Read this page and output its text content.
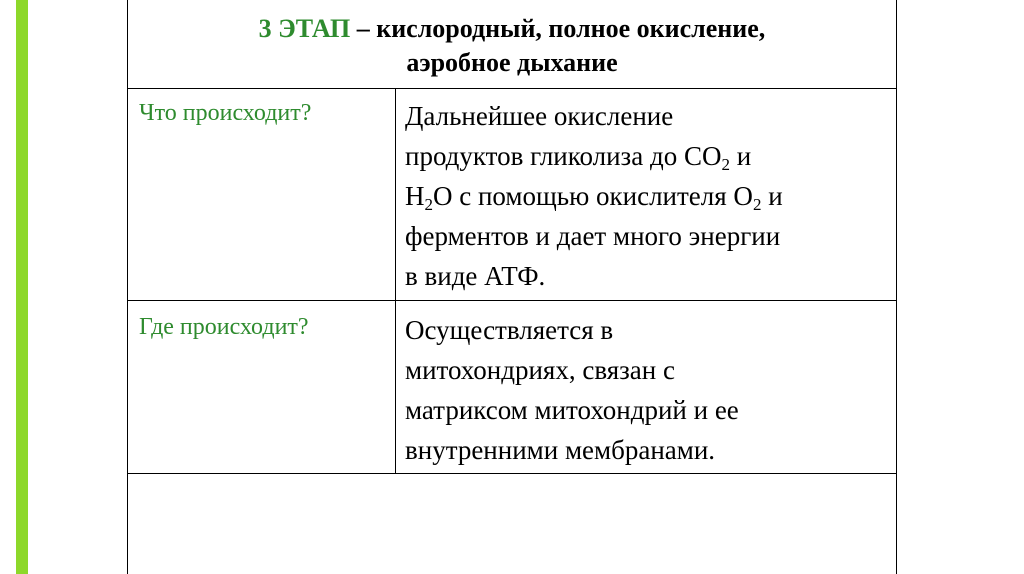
3 ЭТАП – кислородный, полное окисление,
аэробное дыхание
Что происходит?	Дальнейшее окисление
продуктов гликолиза до $СО_2$ и
$Н_2О$ с помощью окислителя $О_2$ и
ферментов и дает много энергии
в виде АТФ.
Где происходит?	Осуществляется в
митохондриях, связан с
матриксом митохондрий и ее
внутренними мембранами.
